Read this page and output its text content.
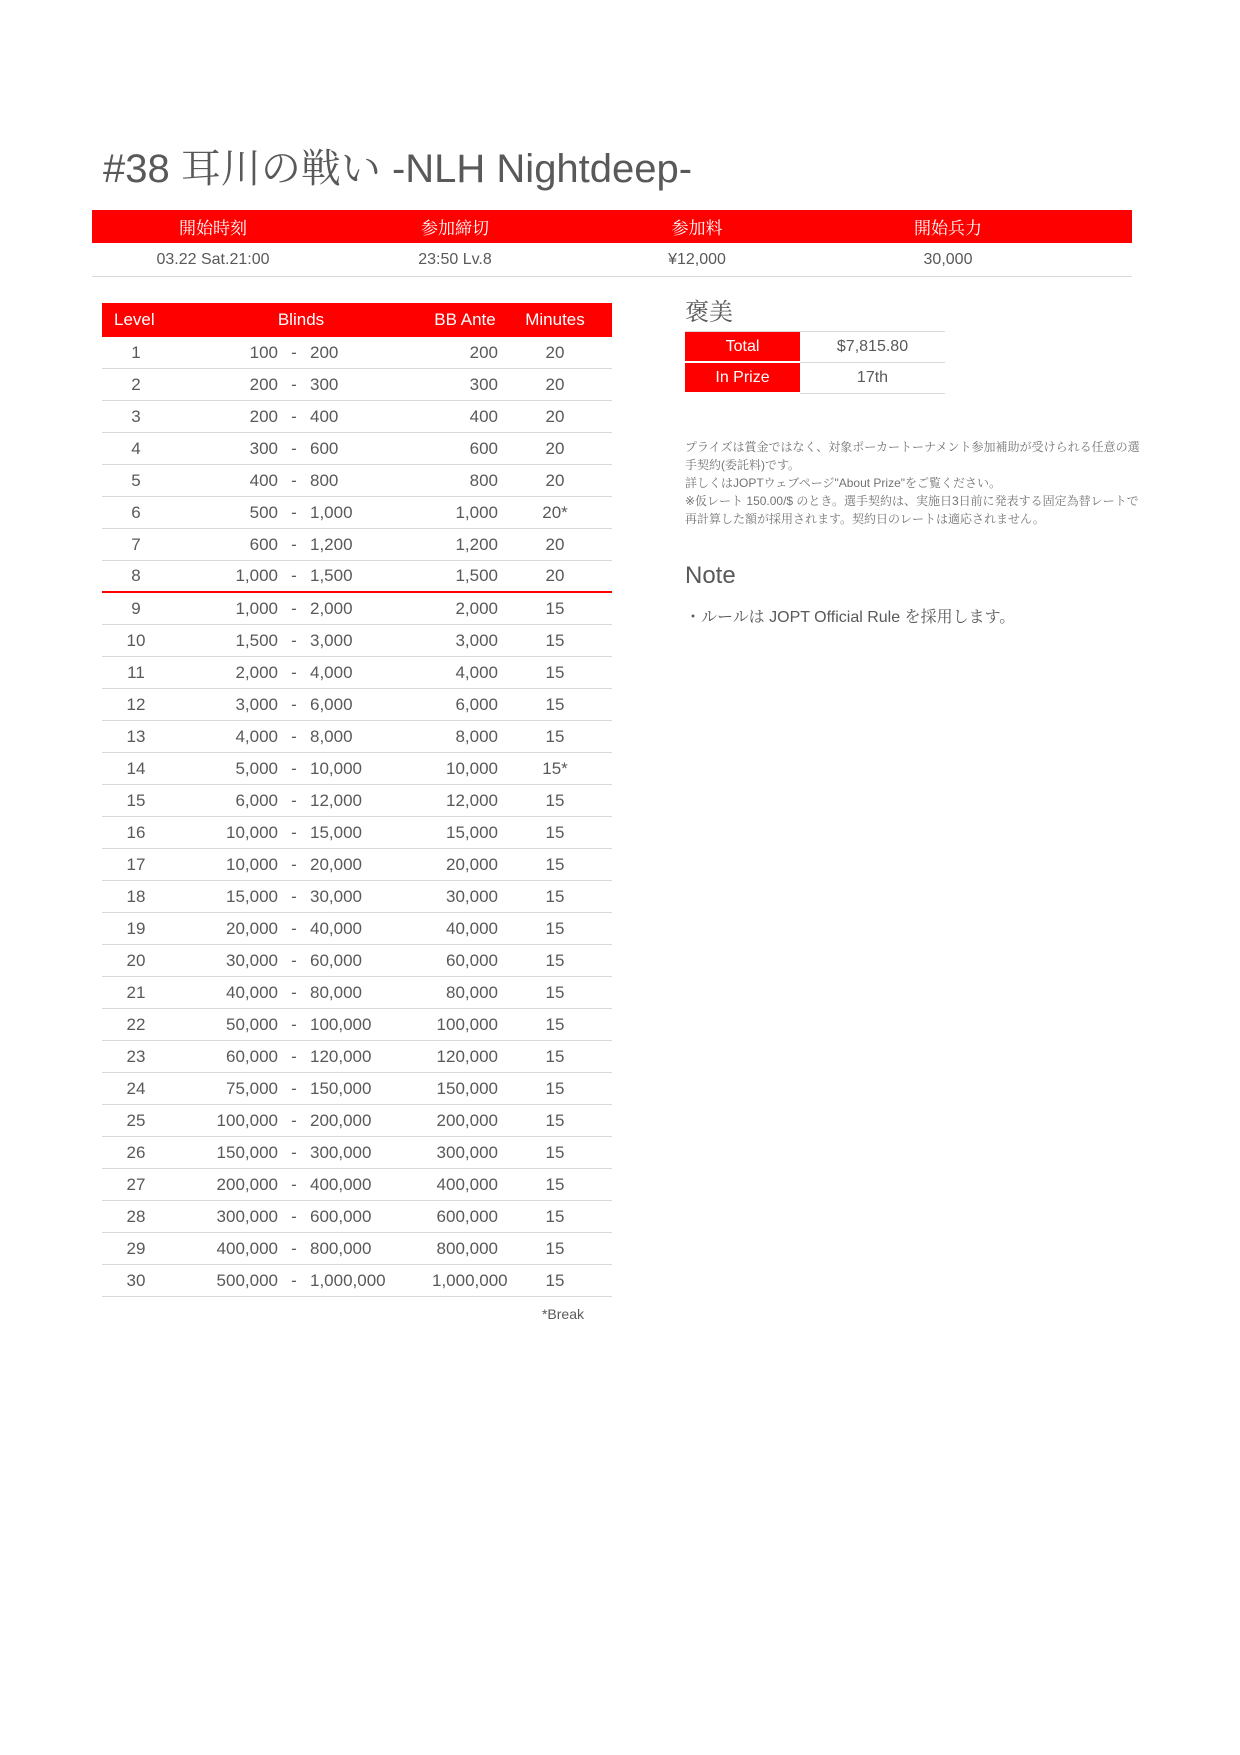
#38 耳川の戦い -NLH Nightdeep-
開始時刻	参加締切	参加料	開始兵力
03.22 Sat.21:00	23:50 Lv.8	¥12,000	30,000
Level	Blinds	BB Ante	Minutes
1	100 - 200	200	20
2	200 - 300	300	20
3	200 - 400	400	20
4	300 - 600	600	20
5	400 - 800	800	20
6	500 - 1,000	1,000	20*
7	600 - 1,200	1,200	20
8	1,000 - 1,500	1,500	20
9	1,000 - 2,000	2,000	15
10	1,500 - 3,000	3,000	15
11	2,000 - 4,000	4,000	15
12	3,000 - 6,000	6,000	15
13	4,000 - 8,000	8,000	15
14	5,000 - 10,000	10,000	15*
15	6,000 - 12,000	12,000	15
16	10,000 - 15,000	15,000	15
17	10,000 - 20,000	20,000	15
18	15,000 - 30,000	30,000	15
19	20,000 - 40,000	40,000	15
20	30,000 - 60,000	60,000	15
21	40,000 - 80,000	80,000	15
22	50,000 - 100,000	100,000	15
23	60,000 - 120,000	120,000	15
24	75,000 - 150,000	150,000	15
25	100,000 - 200,000	200,000	15
26	150,000 - 300,000	300,000	15
27	200,000 - 400,000	400,000	15
28	300,000 - 600,000	600,000	15
29	400,000 - 800,000	800,000	15
30	500,000 - 1,000,000	1,000,000	15
*Break
褒美
Total	$7,815.80
In Prize	17th
プライズは賞金ではなく、対象ポーカートーナメント参加補助が受けられる任意の選
手契約(委託料)です。
詳しくはJOPTウェブページ"About Prize"をご覧ください。
※仮レート 150.00/$ のとき。選手契約は、実施日3日前に発表する固定為替レートで
再計算した額が採用されます。契約日のレートは適応されません。
Note
・ルールは JOPT Official Rule を採用します。
